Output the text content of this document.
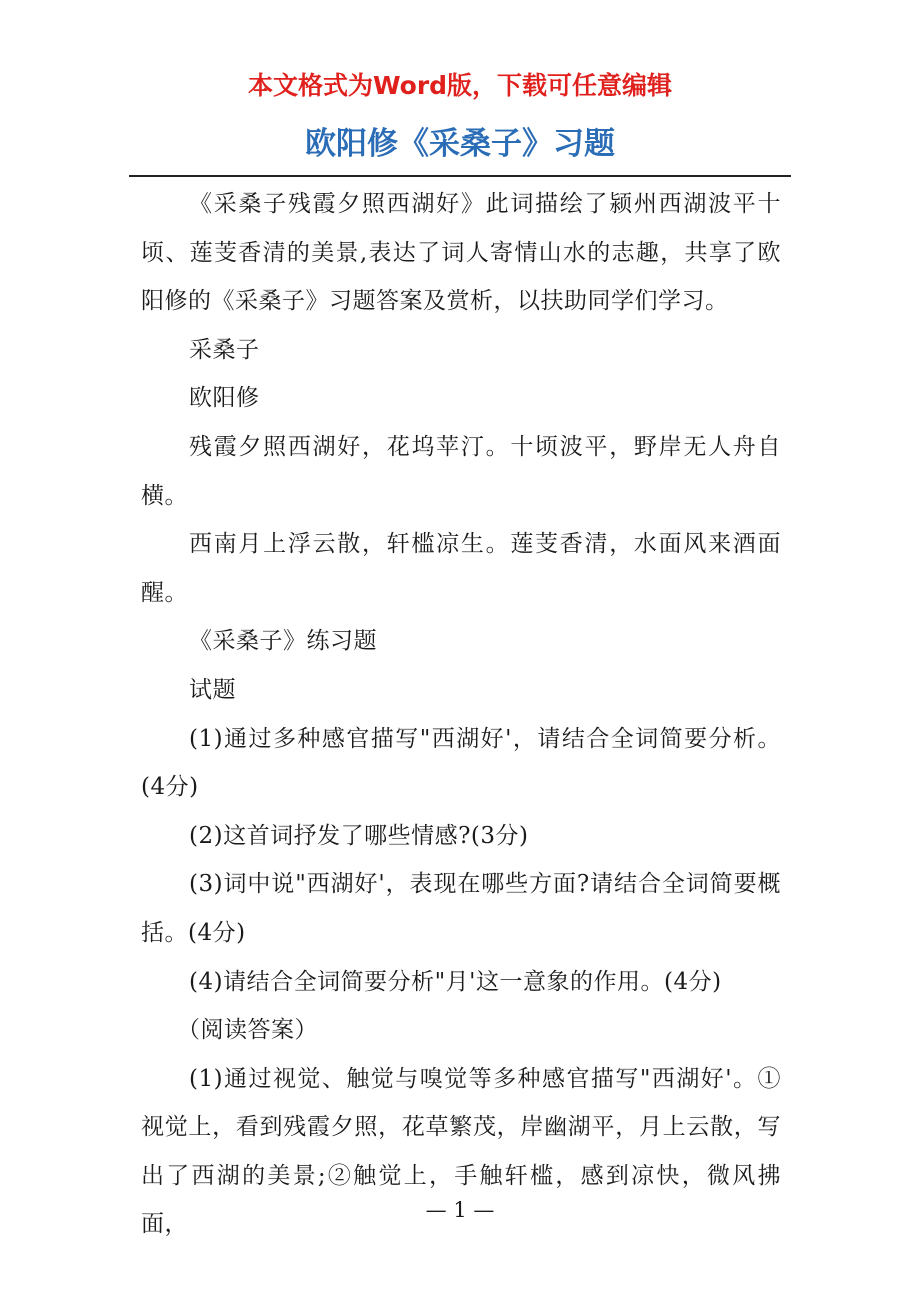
本文格式为Word版，下载可任意编辑
欧阳修《采桑子》习题

《采桑子残霞夕照西湖好》此词描绘了颍州西湖波平十顷、莲芰香清的美景,表达了词人寄情山水的志趣，共享了欧阳修的《采桑子》习题答案及赏析，以扶助同学们学习。

采桑子

欧阳修

残霞夕照西湖好，花坞苹汀。十顷波平，野岸无人舟自横。

西南月上浮云散，轩槛凉生。莲芰香清，水面风来酒面醒。

《采桑子》练习题

试题

(1)通过多种感官描写"西湖好'，请结合全词简要分析。(4分)

(2)这首词抒发了哪些情感?(3分)

(3)词中说"西湖好'，表现在哪些方面?请结合全词简要概括。(4分)

(4)请结合全词简要分析"月'这一意象的作用。(4分)

（阅读答案）

(1)通过视觉、触觉与嗅觉等多种感官描写"西湖好'。①视觉上，看到残霞夕照，花草繁茂，岸幽湖平，月上云散，写出了西湖的美景;②触觉上，手触轩槛，感到凉快，微风拂面，

— 1 —
